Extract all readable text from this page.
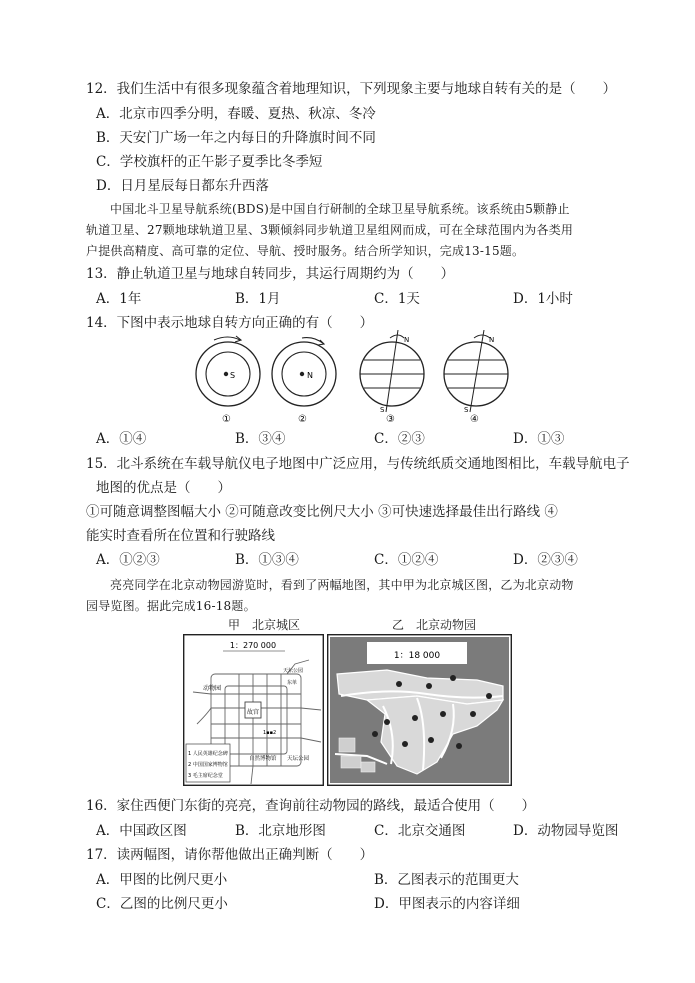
12．我们生活中有很多现象蕴含着地理知识，下列现象主要与地球自转有关的是（　　）
A．北京市四季分明，春暖、夏热、秋凉、冬冷
B．天安门广场一年之内每日的升降旗时间不同
C．学校旗杆的正午影子夏季比冬季短
D．日月星辰每日都东升西落
中国北斗卫星导航系统(BDS)是中国自行研制的全球卫星导航系统。该系统由5颗静止
轨道卫星、27颗地球轨道卫星、3颗倾斜同步轨道卫星组网而成，可在全球范围内为各类用
户提供高精度、高可靠的定位、导航、授时服务。结合所学知识，完成13-15题。
13．静止轨道卫星与地球自转同步，其运行周期约为（　　）
A．1年	B．1月	C．1天	D．1小时
14．下图中表示地球自转方向正确的有（　　）
S
①
N
②
N
S
③
N
S
④
A．①④	B．③④	C．②③	D．①③
15．北斗系统在车载导航仪电子地图中广泛应用，与传统纸质交通地图相比，车载导航电子
地图的优点是（　　）
①可随意调整图幅大小 ②可随意改变比例尺大小 ③可快速选择最佳出行路线 ④
能实时查看所在位置和行驶路线
A．①②③	B．①③④	C．①②④	D．②③④
亮亮同学在北京动物园游览时，看到了两幅地图，其中甲为北京城区图，乙为北京动物
园导览图。据此完成16-18题。
甲　北京城区	乙　北京动物园
1：270 000
动物园
天坛公园
东单
故宫
1▪▪2
自然博物馆 天坛公园
1 人民英雄纪念碑
2 中国国家博物馆
3 毛主席纪念堂
1：18 000
16．家住西便门东街的亮亮，查询前往动物园的路线，最适合使用（　　）
A．中国政区图	B．北京地形图	C．北京交通图	D．动物园导览图
17．读两幅图，请你帮他做出正确判断（　　）
A．甲图的比例尺更小	B．乙图表示的范围更大
C．乙图的比例尺更小	D．甲图表示的内容详细
